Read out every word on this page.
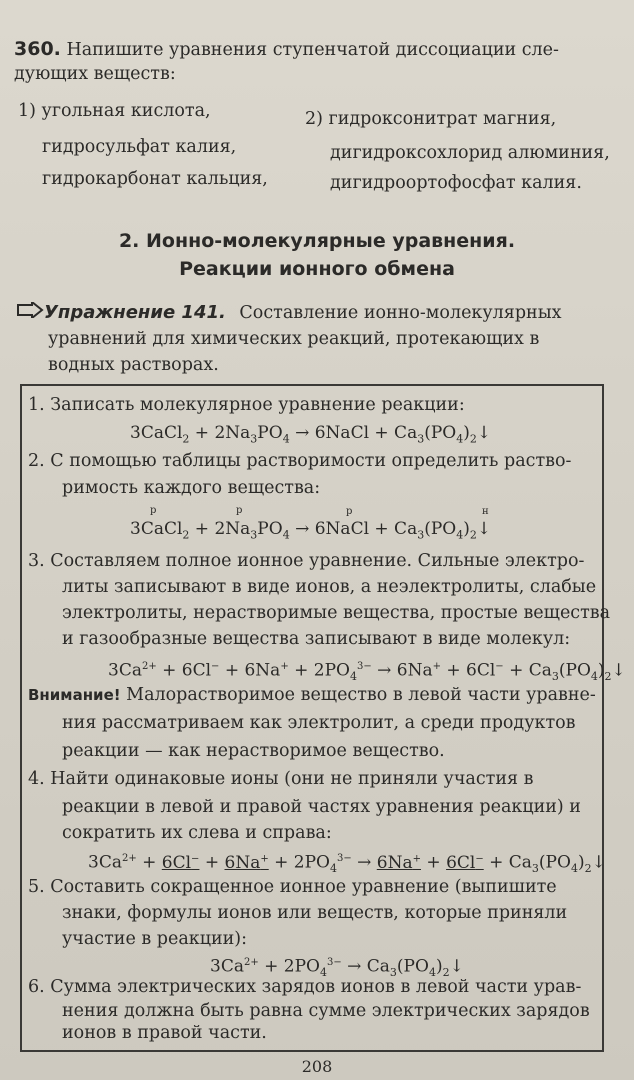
360. Напишите уравнения ступенчатой диссоциации сле-
дующих веществ:
1) угольная кислота,
гидросульфат калия,
гидрокарбонат кальция,
2) гидроксонитрат магния,
дигидроксохлорид алюминия,
дигидроортофосфат калия.
2. Ионно-молекулярные уравнения.
Реакции ионного обмена
Упражнение 141. Составление ионно-молекулярных
уравнений для химических реакций, протекающих в
водных растворах.
1. Записать молекулярное уравнение реакции:
3CaCl$_2$ + $2Na_3PO_4$ → 6NaCl + $Ca_3(PO_4)_2↓$
2. С помощью таблицы растворимости определить раство-
римость каждого вещества:
р	р	р	н
3CaCl$_2$ + $2Na_3PO_4$ → 6NaCl + $Ca_3(PO_4)_2↓$
3. Составляем полное ионное уравнение. Сильные электро-
литы записывают в виде ионов, а неэлектролиты, слабые
электролиты, нерастворимые вещества, простые вещества
и газообразные вещества записывают в виде молекул:
$3Ca^{2+} + 6Cl^- + 6Na^+ + 2PO_4^{3-} \to 6Na^+ + 6Cl^-$ + $Ca_3(PO_4)_2↓$
Внимание! Малорастворимое вещество в левой части уравне-
ния рассматриваем как электролит, а среди продуктов
реакции — как нерастворимое вещество.
4. Найти одинаковые ионы (они не приняли участия в
реакции в левой и правой частях уравнения реакции) и
сократить их слева и справа:
$3Ca^{2+} + 6Cl^- + 6Na^+ + 2PO_4^{3-} \to 6Na^+ + 6Cl^-$ + $Ca_3(PO_4)_2↓$
5. Составить сокращенное ионное уравнение (выпишите
знаки, формулы ионов или веществ, которые приняли
участие в реакции):
$3Ca^{2+} + 2PO_4^{3-}$ → $Ca_3(PO_4)_2↓$
6. Сумма электрических зарядов ионов в левой части урав-
нения должна быть равна сумме электрических зарядов
ионов в правой части.
208
